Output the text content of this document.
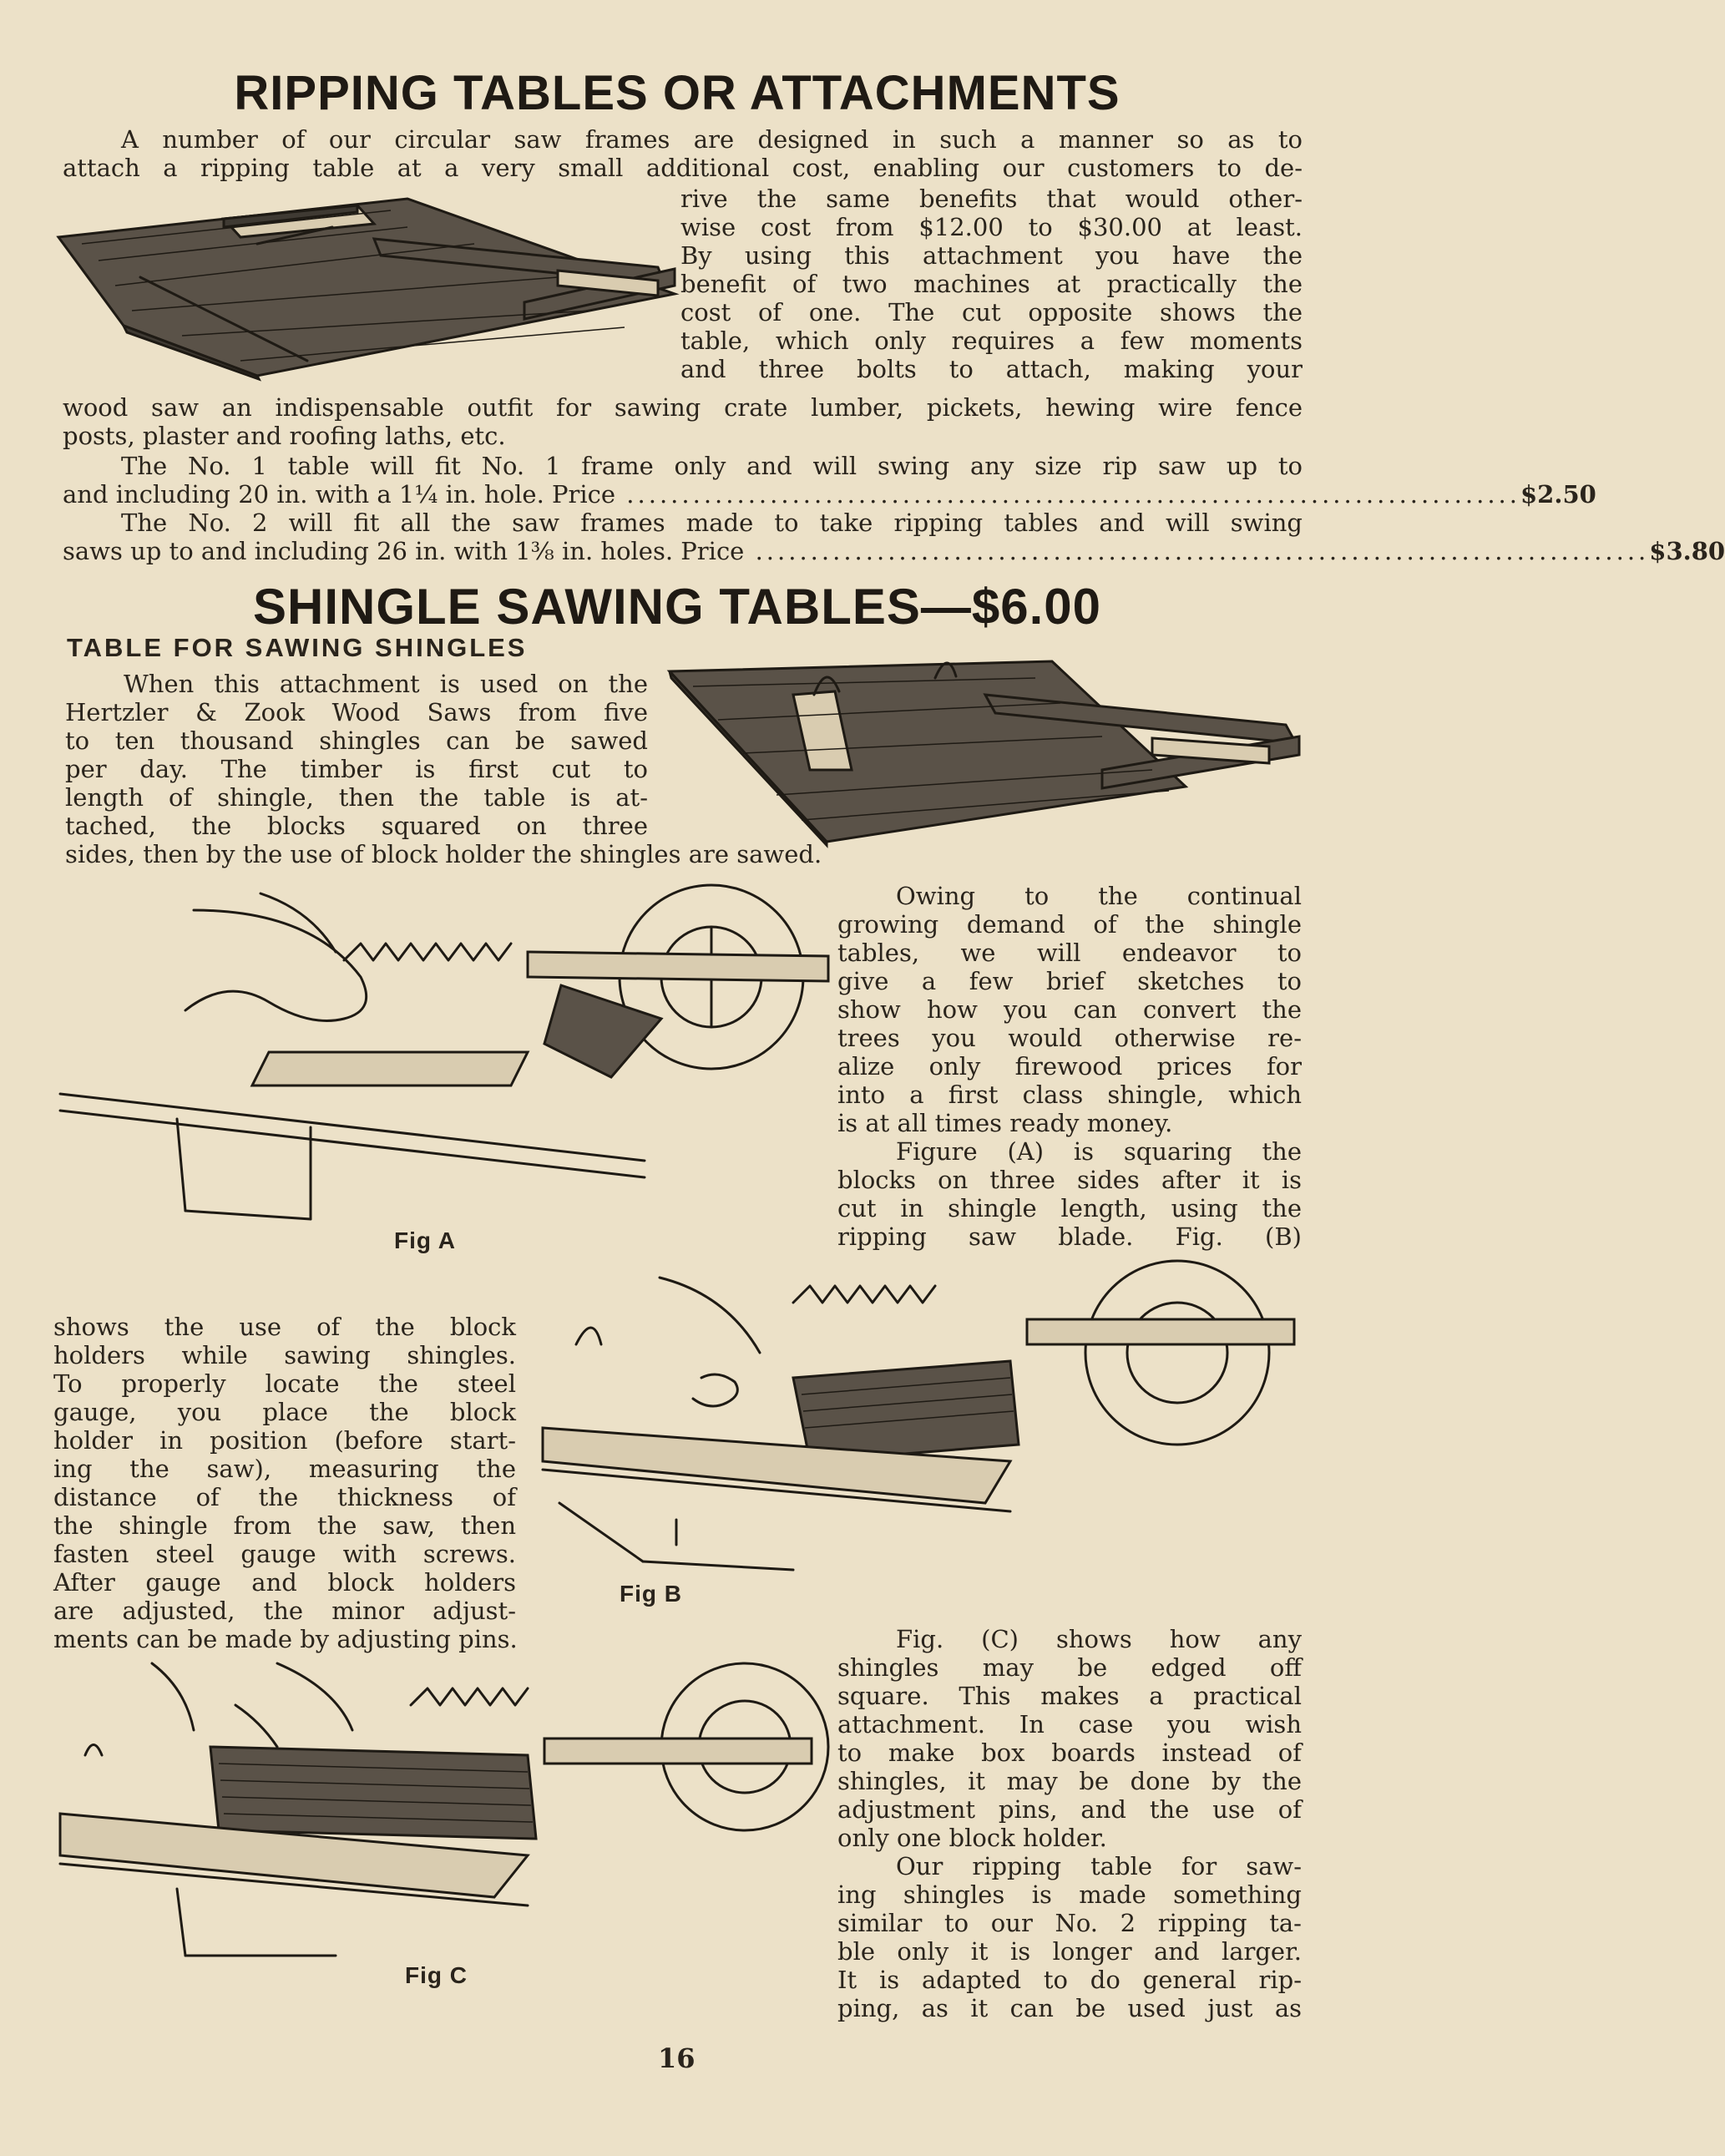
RIPPING TABLES OR ATTACHMENTS

A number of our circular saw frames are designed in such a manner so as to

attach a ripping table at a very small additional cost, enabling our customers to de-

rive the same benefits that would other-

wise cost from $12.00 to $30.00 at least.

By using this attachment you have the

benefit of two machines at practically the

cost of one. The cut opposite shows the

table, which only requires a few moments

and three bolts to attach, making your

wood saw an indispensable outfit for sawing crate lumber, pickets, hewing wire fence

posts, plaster and roofing laths, etc.

The No. 1 table will fit No. 1 frame only and will swing any size rip saw up to

and including 20 in. with a 1¼ in. hole. Price ................................................................................. $2.50

The No. 2 will fit all the saw frames made to take ripping tables and will swing

saws up to and including 26 in. with 1⅜ in. holes. Price ................................................................................. $3.80
SHINGLE SAWING TABLES—$6.00
TABLE FOR SAWING SHINGLES

When this attachment is used on the

Hertzler & Zook Wood Saws from five

to ten thousand shingles can be sawed

per day. The timber is first cut to

length of shingle, then the table is at-

tached, the blocks squared on three

sides, then by the use of block holder the shingles are sawed.

Fig A

Owing to the continual

growing demand of the shingle

tables, we will endeavor to

give a few brief sketches to

show how you can convert the

trees you would otherwise re-

alize only firewood prices for

into a first class shingle, which

is at all times ready money.

Figure (A) is squaring the

blocks on three sides after it is

cut in shingle length, using the

ripping saw blade. Fig. (B)

shows the use of the block

holders while sawing shingles.

To properly locate the steel

gauge, you place the block

holder in position (before start-

ing the saw), measuring the

distance of the thickness of

the shingle from the saw, then

fasten steel gauge with screws.

After gauge and block holders

are adjusted, the minor adjust-

ments can be made by adjusting pins.

Fig B

Fig. (C) shows how any

shingles may be edged off

square. This makes a practical

attachment. In case you wish

to make box boards instead of

shingles, it may be done by the

adjustment pins, and the use of

only one block holder.

Our ripping table for saw-

ing shingles is made something

similar to our No. 2 ripping ta-

ble only it is longer and larger.

It is adapted to do general rip-

ping, as it can be used just as

Fig C
16
